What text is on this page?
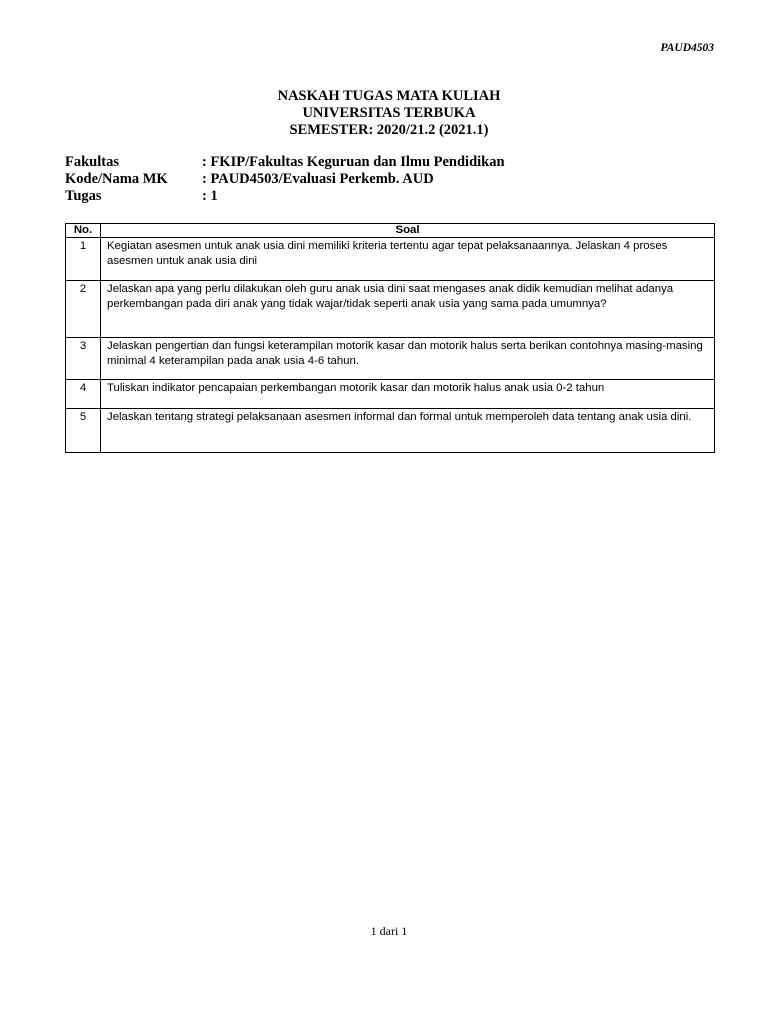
PAUD4503
NASKAH TUGAS MATA KULIAH
UNIVERSITAS TERBUKA
SEMESTER: 2020/21.2 (2021.1)
Fakultas	: FKIP/Fakultas Keguruan dan Ilmu Pendidikan
Kode/Nama MK	: PAUD4503/Evaluasi Perkemb. AUD
Tugas	: 1
No.	Soal
1	Kegiatan asesmen untuk anak usia dini memiliki kriteria tertentu agar tepat pelaksanaannya. Jelaskan 4 proses asesmen untuk anak usia dini
2	Jelaskan apa yang perlu dilakukan oleh guru anak usia dini saat mengases anak didik kemudian melihat adanya perkembangan pada diri anak yang tidak wajar/tidak seperti anak usia yang sama pada umumnya?
3	Jelaskan pengertian dan fungsi keterampilan motorik kasar dan motorik halus serta berikan contohnya masing-masing minimal 4 keterampilan pada anak usia 4-6 tahun.
4	Tuliskan indikator pencapaian perkembangan motorik kasar dan motorik halus anak usia 0-2 tahun
5	Jelaskan tentang strategi pelaksanaan asesmen informal dan formal untuk memperoleh data tentang anak usia dini.
1 dari 1
